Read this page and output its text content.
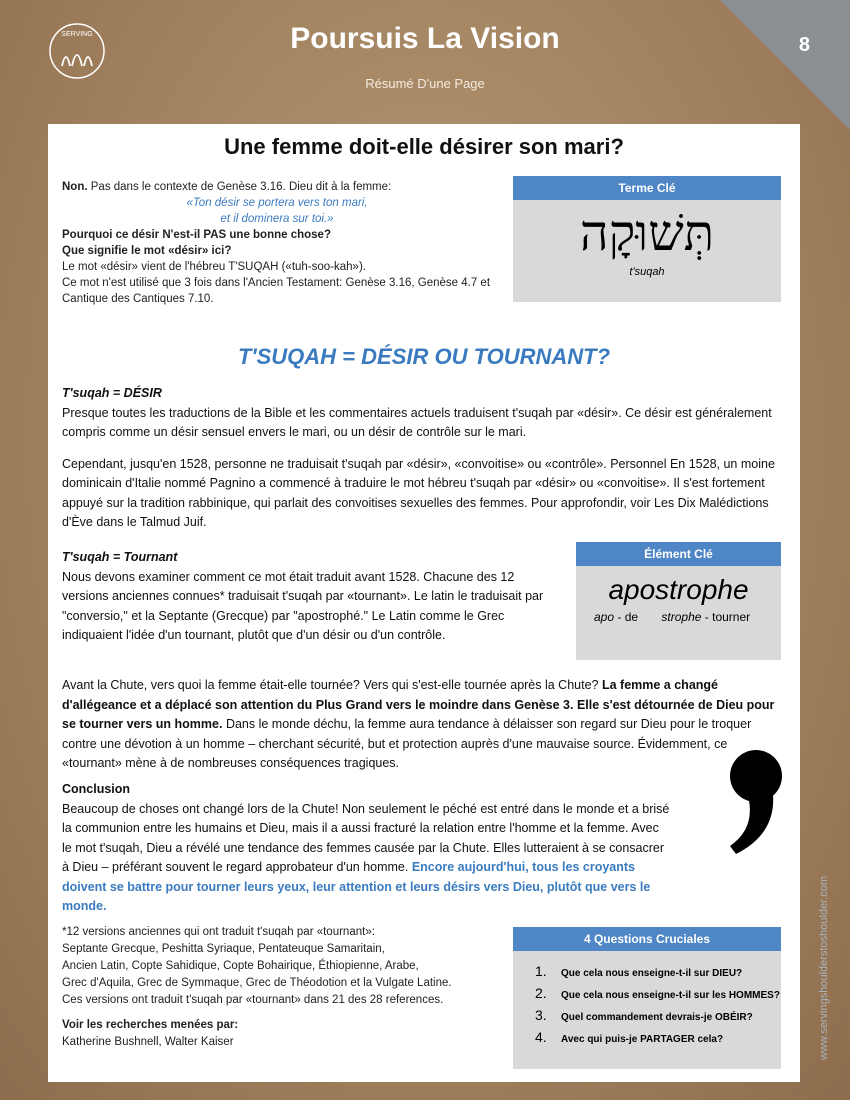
SERVING	Poursuis La Vision
Résumé D'une Page
8
Une femme doit-elle désirer son mari?
Non. Pas dans le contexte de Genèse 3.16. Dieu dit à la femme:
«Ton désir se portera vers ton mari,
et il dominera sur toi.»
Pourquoi ce désir N'est-il PAS une bonne chose?
Que signifie le mot «désir» ici?
Le mot «désir» vient de l'hébreu T'SUQAH («tuh-soo-kah»).
Ce mot n'est utilisé que 3 fois dans l'Ancien Testament: Genèse 3.16, Genèse 4.7 et Cantique des Cantiques 7.10.
Terme Clé
תְּשׁוּקָה
t'suqah
T'SUQAH = DÉSIR OU TOURNANT?
T'suqah = DÉSIR
Presque toutes les traductions de la Bible et les commentaires actuels traduisent t'suqah par «désir». Ce désir est généralement compris comme un désir sensuel envers le mari, ou un désir de contrôle sur le mari.
Cependant, jusqu'en 1528, personne ne traduisait t'suqah par «désir», «convoitise» ou «contrôle». Personnel En 1528, un moine dominicain d'Italie nommé Pagnino a commencé à traduire le mot hébreu t'suqah par «désir» ou «convoitise». Il s'est fortement appuyé sur la tradition rabbinique, qui parlait des convoitises sexuelles des femmes. Pour approfondir, voir Les Dix Malédictions d'Ève dans le Talmud Juif.
T'suqah = Tournant
Nous devons examiner comment ce mot était traduit avant 1528. Chacune des 12 versions anciennes connues* traduisait t'suqah par «tournant». Le latin le traduisait par "conversio," et la Septante (Grecque) par "apostrophé." Le Latin comme le Grec indiquaient l'idée d'un tournant, plutôt que d'un désir ou d'un contrôle.
Élément Clé
apostrophe
apo - de strophe - tourner
Avant la Chute, vers quoi la femme était-elle tournée? Vers qui s'est-elle tournée après la Chute? La femme a changé d'allégeance et a déplacé son attention du Plus Grand vers le moindre dans Genèse 3. Elle s'est détournée de Dieu pour se tourner vers un homme. Dans le monde déchu, la femme aura tendance à délaisser son regard sur Dieu pour le troquer contre une dévotion à un homme – cherchant sécurité, but et protection auprès d'une mauvaise source. Évidemment, ce «tournant» mène à de nombreuses conséquences tragiques.
Conclusion
Beaucoup de choses ont changé lors de la Chute! Non seulement le péché est entré dans le monde et a brisé la communion entre les humains et Dieu, mais il a aussi fracturé la relation entre l'homme et la femme. Avec le mot t'suqah, Dieu a révélé une tendance des femmes causée par la Chute. Elles lutteraient à se consacrer à Dieu – préférant souvent le regard approbateur d'un homme. Encore aujourd'hui, tous les croyants doivent se battre pour tourner leurs yeux, leur attention et leurs désirs vers Dieu, plutôt que vers le monde.
*12 versions anciennes qui ont traduit t'suqah par «tournant»:
Septante Grecque, Peshitta Syriaque, Pentateuque Samaritain,
Ancien Latin, Copte Sahidique, Copte Bohairique, Éthiopienne, Arabe,
Grec d'Aquila, Grec de Symmaque, Grec de Théodotion et la Vulgate Latine.
Ces versions ont traduit t'suqah par «tournant» dans 21 des 28 references.
Voir les recherches menées par:
Katherine Bushnell, Walter Kaiser
4 Questions Cruciales
1. Que cela nous enseigne-t-il sur DIEU?
2. Que cela nous enseigne-t-il sur les HOMMES?
3. Quel commandement devrais-je OBÉIR?
4. Avec qui puis-je PARTAGER cela?	www.servingshoulderstoshoulder.com
